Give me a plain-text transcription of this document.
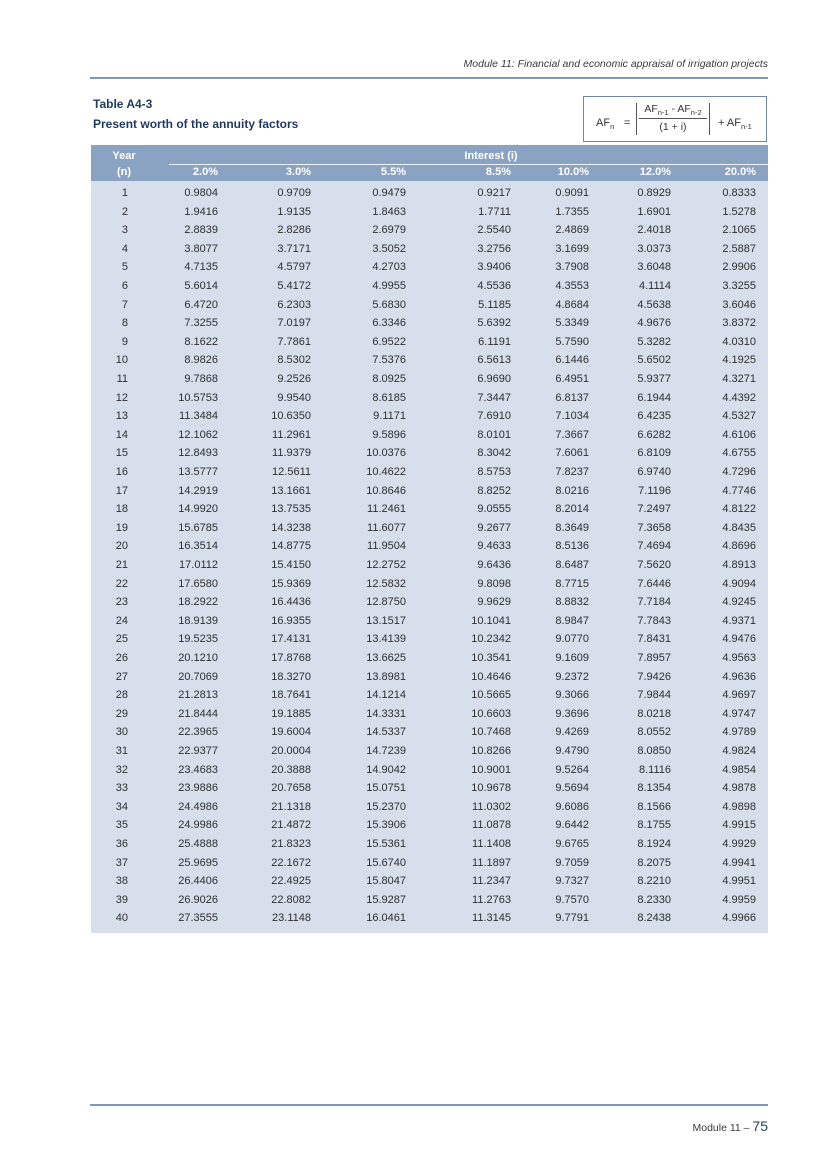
Module 11: Financial and economic appraisal of irrigation projects
Table A4-3
Present worth of the annuity factors	$AF_n$ =
$AF_{n-1} - AF_{n-2}$
(1 + i)	+ $AF_{n-1}$
Year
(n)
Interest (i)
2.0%	3.0%	5.5%	8.5%	10.0%	12.0%	20.0%
1	0.9804	0.9709	0.9479	0.9217	0.9091	0.8929	0.8333
2	1.9416	1.9135	1.8463	1.7711	1.7355	1.6901	1.5278
3	2.8839	2.8286	2.6979	2.5540	2.4869	2.4018	2.1065
4	3.8077	3.7171	3.5052	3.2756	3.1699	3.0373	2.5887
5	4.7135	4.5797	4.2703	3.9406	3.7908	3.6048	2.9906
6	5.6014	5.4172	4.9955	4.5536	4.3553	4.1114	3.3255
7	6.4720	6.2303	5.6830	5.1185	4.8684	4.5638	3.6046
8	7.3255	7.0197	6.3346	5.6392	5.3349	4.9676	3.8372
9	8.1622	7.7861	6.9522	6.1191	5.7590	5.3282	4.0310
10	8.9826	8.5302	7.5376	6.5613	6.1446	5.6502	4.1925
11	9.7868	9.2526	8.0925	6.9690	6.4951	5.9377	4.3271
12	10.5753	9.9540	8.6185	7.3447	6.8137	6.1944	4.4392
13	11.3484	10.6350	9.1171	7.6910	7.1034	6.4235	4.5327
14	12.1062	11.2961	9.5896	8.0101	7.3667	6.6282	4.6106
15	12.8493	11.9379	10.0376	8.3042	7.6061	6.8109	4.6755
16	13.5777	12.5611	10.4622	8.5753	7.8237	6.9740	4.7296
17	14.2919	13.1661	10.8646	8.8252	8.0216	7.1196	4.7746
18	14.9920	13.7535	11.2461	9.0555	8.2014	7.2497	4.8122
19	15.6785	14.3238	11.6077	9.2677	8.3649	7.3658	4.8435
20	16.3514	14.8775	11.9504	9.4633	8.5136	7.4694	4.8696
21	17.0112	15.4150	12.2752	9.6436	8.6487	7.5620	4.8913
22	17.6580	15.9369	12.5832	9.8098	8.7715	7.6446	4.9094
23	18.2922	16.4436	12.8750	9.9629	8.8832	7.7184	4.9245
24	18.9139	16.9355	13.1517	10.1041	8.9847	7.7843	4.9371
25	19.5235	17.4131	13.4139	10.2342	9.0770	7.8431	4.9476
26	20.1210	17.8768	13.6625	10.3541	9.1609	7.8957	4.9563
27	20.7069	18.3270	13.8981	10.4646	9.2372	7.9426	4.9636
28	21.2813	18.7641	14.1214	10.5665	9.3066	7.9844	4.9697
29	21.8444	19.1885	14.3331	10.6603	9.3696	8.0218	4.9747
30	22.3965	19.6004	14.5337	10.7468	9.4269	8.0552	4.9789
31	22.9377	20.0004	14.7239	10.8266	9.4790	8.0850	4.9824
32	23.4683	20.3888	14.9042	10.9001	9.5264	8.1116	4.9854
33	23.9886	20.7658	15.0751	10.9678	9.5694	8.1354	4.9878
34	24.4986	21.1318	15.2370	11.0302	9.6086	8.1566	4.9898
35	24.9986	21.4872	15.3906	11.0878	9.6442	8.1755	4.9915
36	25.4888	21.8323	15.5361	11.1408	9.6765	8.1924	4.9929
37	25.9695	22.1672	15.6740	11.1897	9.7059	8.2075	4.9941
38	26.4406	22.4925	15.8047	11.2347	9.7327	8.2210	4.9951
39	26.9026	22.8082	15.9287	11.2763	9.7570	8.2330	4.9959
40	27.3555	23.1148	16.0461	11.3145	9.7791	8.2438	4.9966
Module 11 – 75
